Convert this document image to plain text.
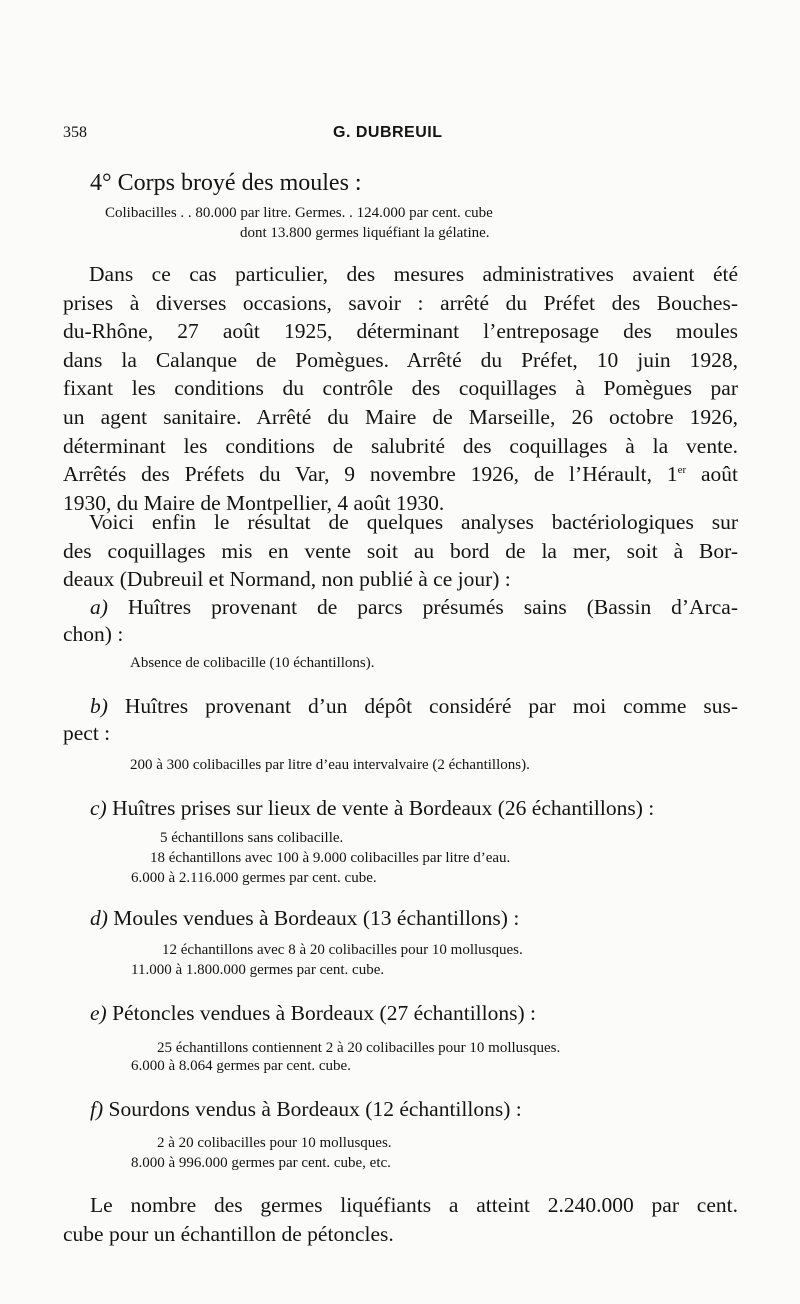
358	G. DUBREUIL
4° Corps broyé des moules :
Colibacilles . . 80.000 par litre. Germes. . 124.000 par cent. cube
dont 13.800 germes liquéfiant la gélatine.
Dans ce cas particulier, des mesures administratives avaient été
prises à diverses occasions, savoir : arrêté du Préfet des Bouches-
du-Rhône, 27 août 1925, déterminant l’entreposage des moules
dans la Calanque de Pomègues. Arrêté du Préfet, 10 juin 1928,
fixant les conditions du contrôle des coquillages à Pomègues par
un agent sanitaire. Arrêté du Maire de Marseille, 26 octobre 1926,
déterminant les conditions de salubrité des coquillages à la vente.
Arrêtés des Préfets du Var, 9 novembre 1926, de l’Hérault, 1er août
1930, du Maire de Montpellier, 4 août 1930.
Voici enfin le résultat de quelques analyses bactériologiques sur
des coquillages mis en vente soit au bord de la mer, soit à Bor-
deaux (Dubreuil et Normand, non publié à ce jour) :
a) Huîtres provenant de parcs présumés sains (Bassin d’Arca-
chon) :
Absence de colibacille (10 échantillons).
b) Huîtres provenant d’un dépôt considéré par moi comme sus-
pect :
200 à 300 colibacilles par litre d’eau intervalvaire (2 échantillons).
c) Huîtres prises sur lieux de vente à Bordeaux (26 échantillons) :
5 échantillons sans colibacille.
18 échantillons avec 100 à 9.000 colibacilles par litre d’eau.
6.000 à 2.116.000 germes par cent. cube.
d) Moules vendues à Bordeaux (13 échantillons) :
12 échantillons avec 8 à 20 colibacilles pour 10 mollusques.
11.000 à 1.800.000 germes par cent. cube.
e) Pétoncles vendues à Bordeaux (27 échantillons) :
25 échantillons contiennent 2 à 20 colibacilles pour 10 mollusques.
6.000 à 8.064 germes par cent. cube.
f) Sourdons vendus à Bordeaux (12 échantillons) :
2 à 20 colibacilles pour 10 mollusques.
8.000 à 996.000 germes par cent. cube, etc.
Le nombre des germes liquéfiants a atteint 2.240.000 par cent.
cube pour un échantillon de pétoncles.
